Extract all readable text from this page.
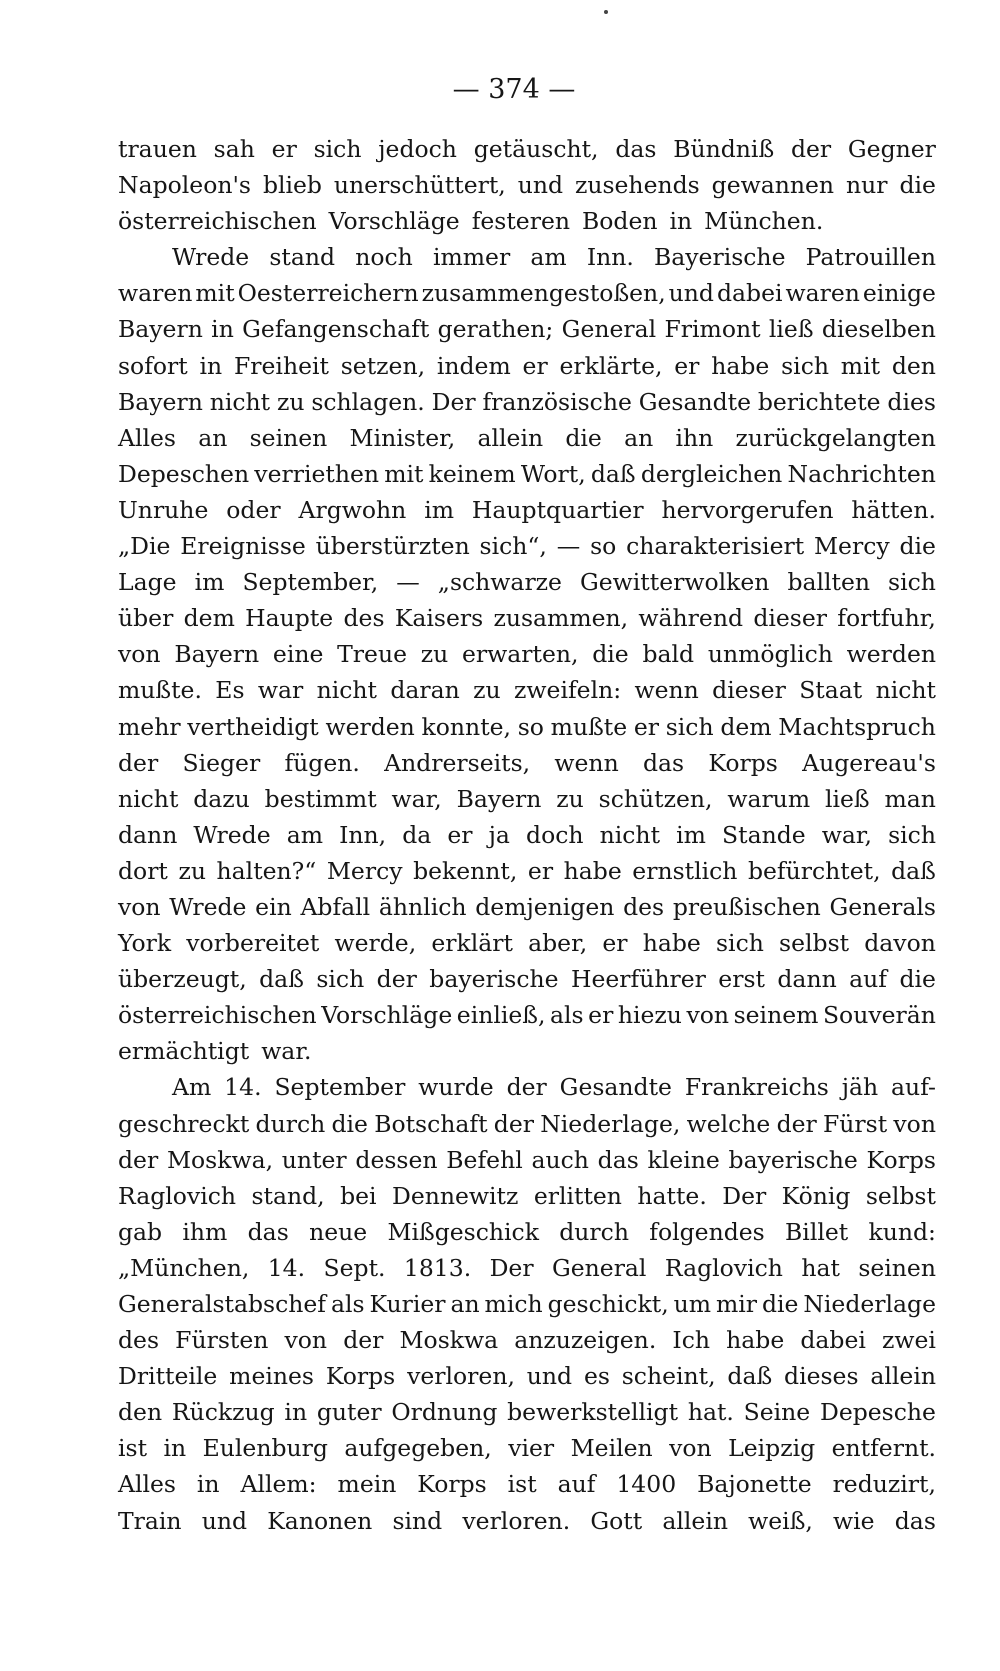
— 374 —
trauen sah er sich jedoch getäuscht, das Bündniß der Gegner
Napoleon's blieb unerschüttert, und zusehends gewannen nur die
österreichischen Vorschläge festeren Boden in München.
Wrede stand noch immer am Inn. Bayerische Patrouillen
waren mit Oesterreichern zusammengestoßen, und dabei waren einige
Bayern in Gefangenschaft gerathen; General Frimont ließ dieselben
sofort in Freiheit setzen, indem er erklärte, er habe sich mit den
Bayern nicht zu schlagen. Der französische Gesandte berichtete dies
Alles an seinen Minister, allein die an ihn zurückgelangten
Depeschen verriethen mit keinem Wort, daß dergleichen Nachrichten
Unruhe oder Argwohn im Hauptquartier hervorgerufen hätten.
„Die Ereignisse überstürzten sich“, — so charakterisiert Mercy die
Lage im September, — „schwarze Gewitterwolken ballten sich
über dem Haupte des Kaisers zusammen, während dieser fortfuhr,
von Bayern eine Treue zu erwarten, die bald unmöglich werden
mußte. Es war nicht daran zu zweifeln: wenn dieser Staat nicht
mehr vertheidigt werden konnte, so mußte er sich dem Machtspruch
der Sieger fügen. Andrerseits, wenn das Korps Augereau's
nicht dazu bestimmt war, Bayern zu schützen, warum ließ man
dann Wrede am Inn, da er ja doch nicht im Stande war, sich
dort zu halten?“ Mercy bekennt, er habe ernstlich befürchtet, daß
von Wrede ein Abfall ähnlich demjenigen des preußischen Generals
York vorbereitet werde, erklärt aber, er habe sich selbst davon
überzeugt, daß sich der bayerische Heerführer erst dann auf die
österreichischen Vorschläge einließ, als er hiezu von seinem Souverän
ermächtigt war.
Am 14. September wurde der Gesandte Frankreichs jäh auf-
geschreckt durch die Botschaft der Niederlage, welche der Fürst von
der Moskwa, unter dessen Befehl auch das kleine bayerische Korps
Raglovich stand, bei Dennewitz erlitten hatte. Der König selbst
gab ihm das neue Mißgeschick durch folgendes Billet kund:
„München, 14. Sept. 1813. Der General Raglovich hat seinen
Generalstabschef als Kurier an mich geschickt, um mir die Niederlage
des Fürsten von der Moskwa anzuzeigen. Ich habe dabei zwei
Dritteile meines Korps verloren, und es scheint, daß dieses allein
den Rückzug in guter Ordnung bewerkstelligt hat. Seine Depesche
ist in Eulenburg aufgegeben, vier Meilen von Leipzig entfernt.
Alles in Allem: mein Korps ist auf 1400 Bajonette reduzirt,
Train und Kanonen sind verloren. Gott allein weiß, wie das
